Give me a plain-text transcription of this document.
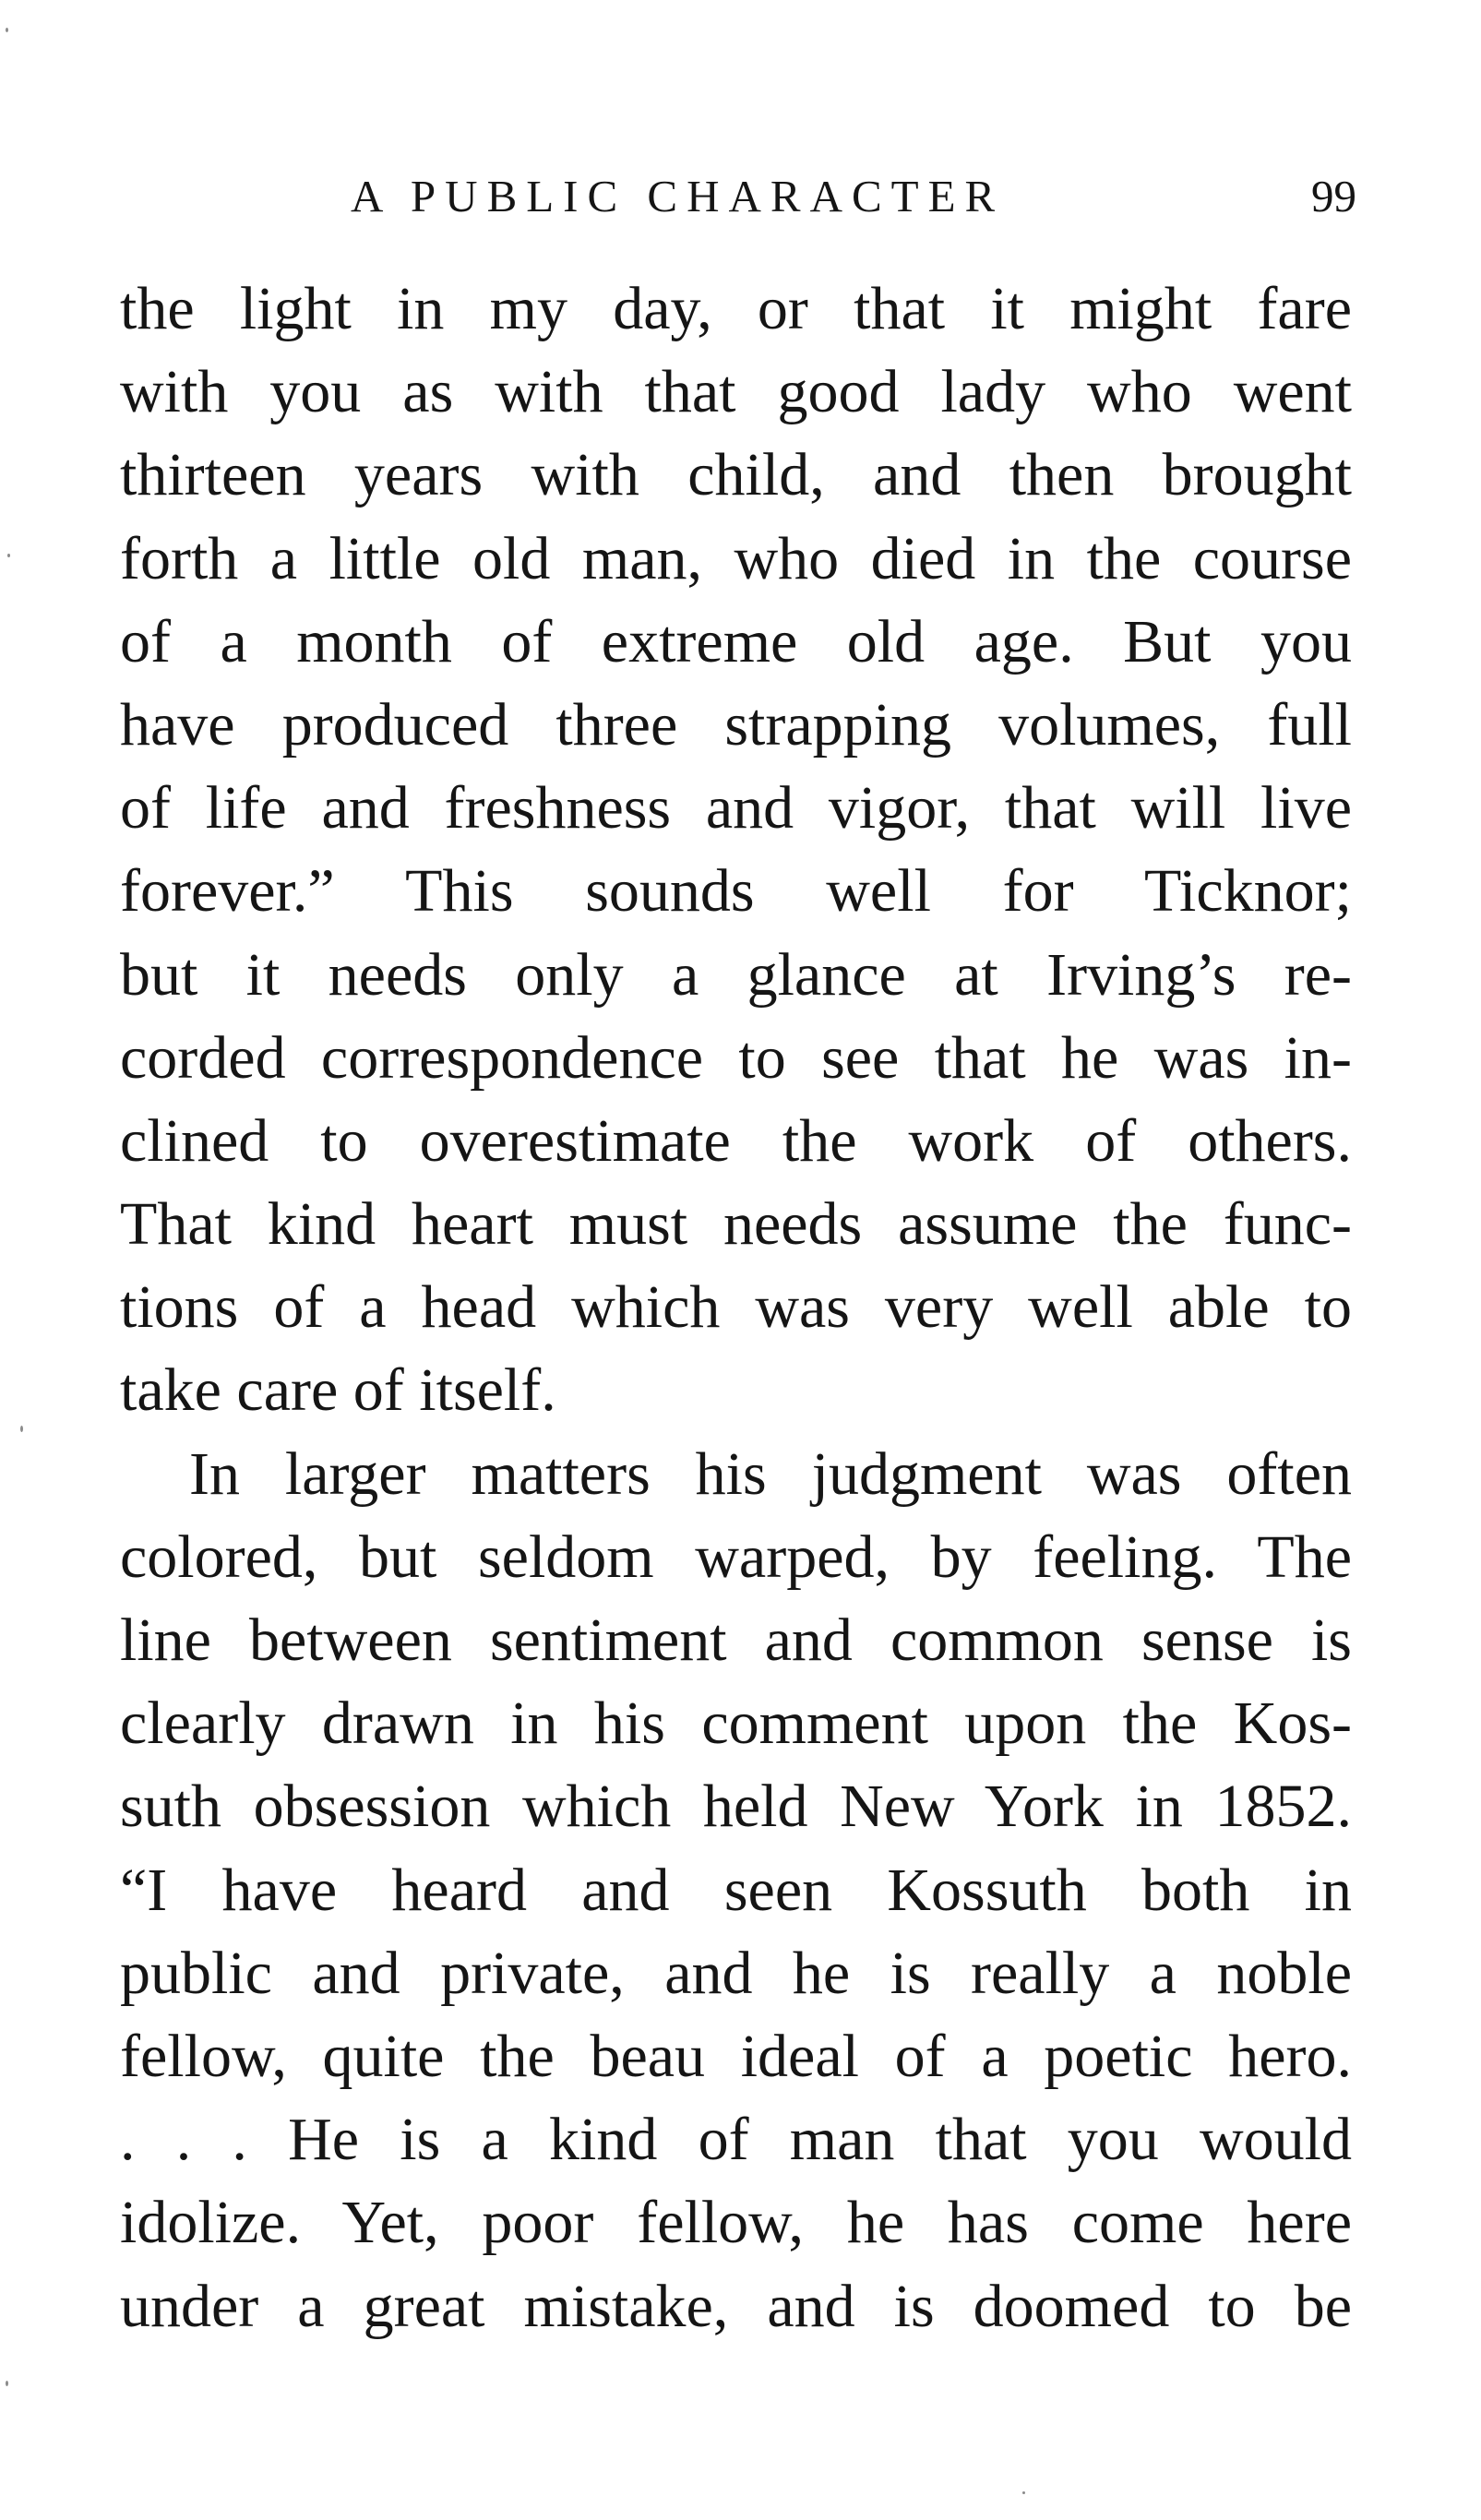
A PUBLIC CHARACTER	99
the light in my day, or that it might fare
with you as with that good lady who went
thirteen years with child, and then brought
forth a little old man, who died in the course
of a month of extreme old age. But you
have produced three strapping volumes, full
of life and freshness and vigor, that will live
forever.” This sounds well for Ticknor;
but it needs only a glance at Irving’s re-
corded correspondence to see that he was in-
clined to overestimate the work of others.
That kind heart must needs assume the func-
tions of a head which was very well able to
take care of itself.
In larger matters his judgment was often
colored, but seldom warped, by feeling. The
line between sentiment and common sense is
clearly drawn in his comment upon the Kos-
suth obsession which held New York in 1852.
“I have heard and seen Kossuth both in
public and private, and he is really a noble
fellow, quite the beau ideal of a poetic hero.
. . . He is a kind of man that you would
idolize. Yet, poor fellow, he has come here
under a great mistake, and is doomed to be
